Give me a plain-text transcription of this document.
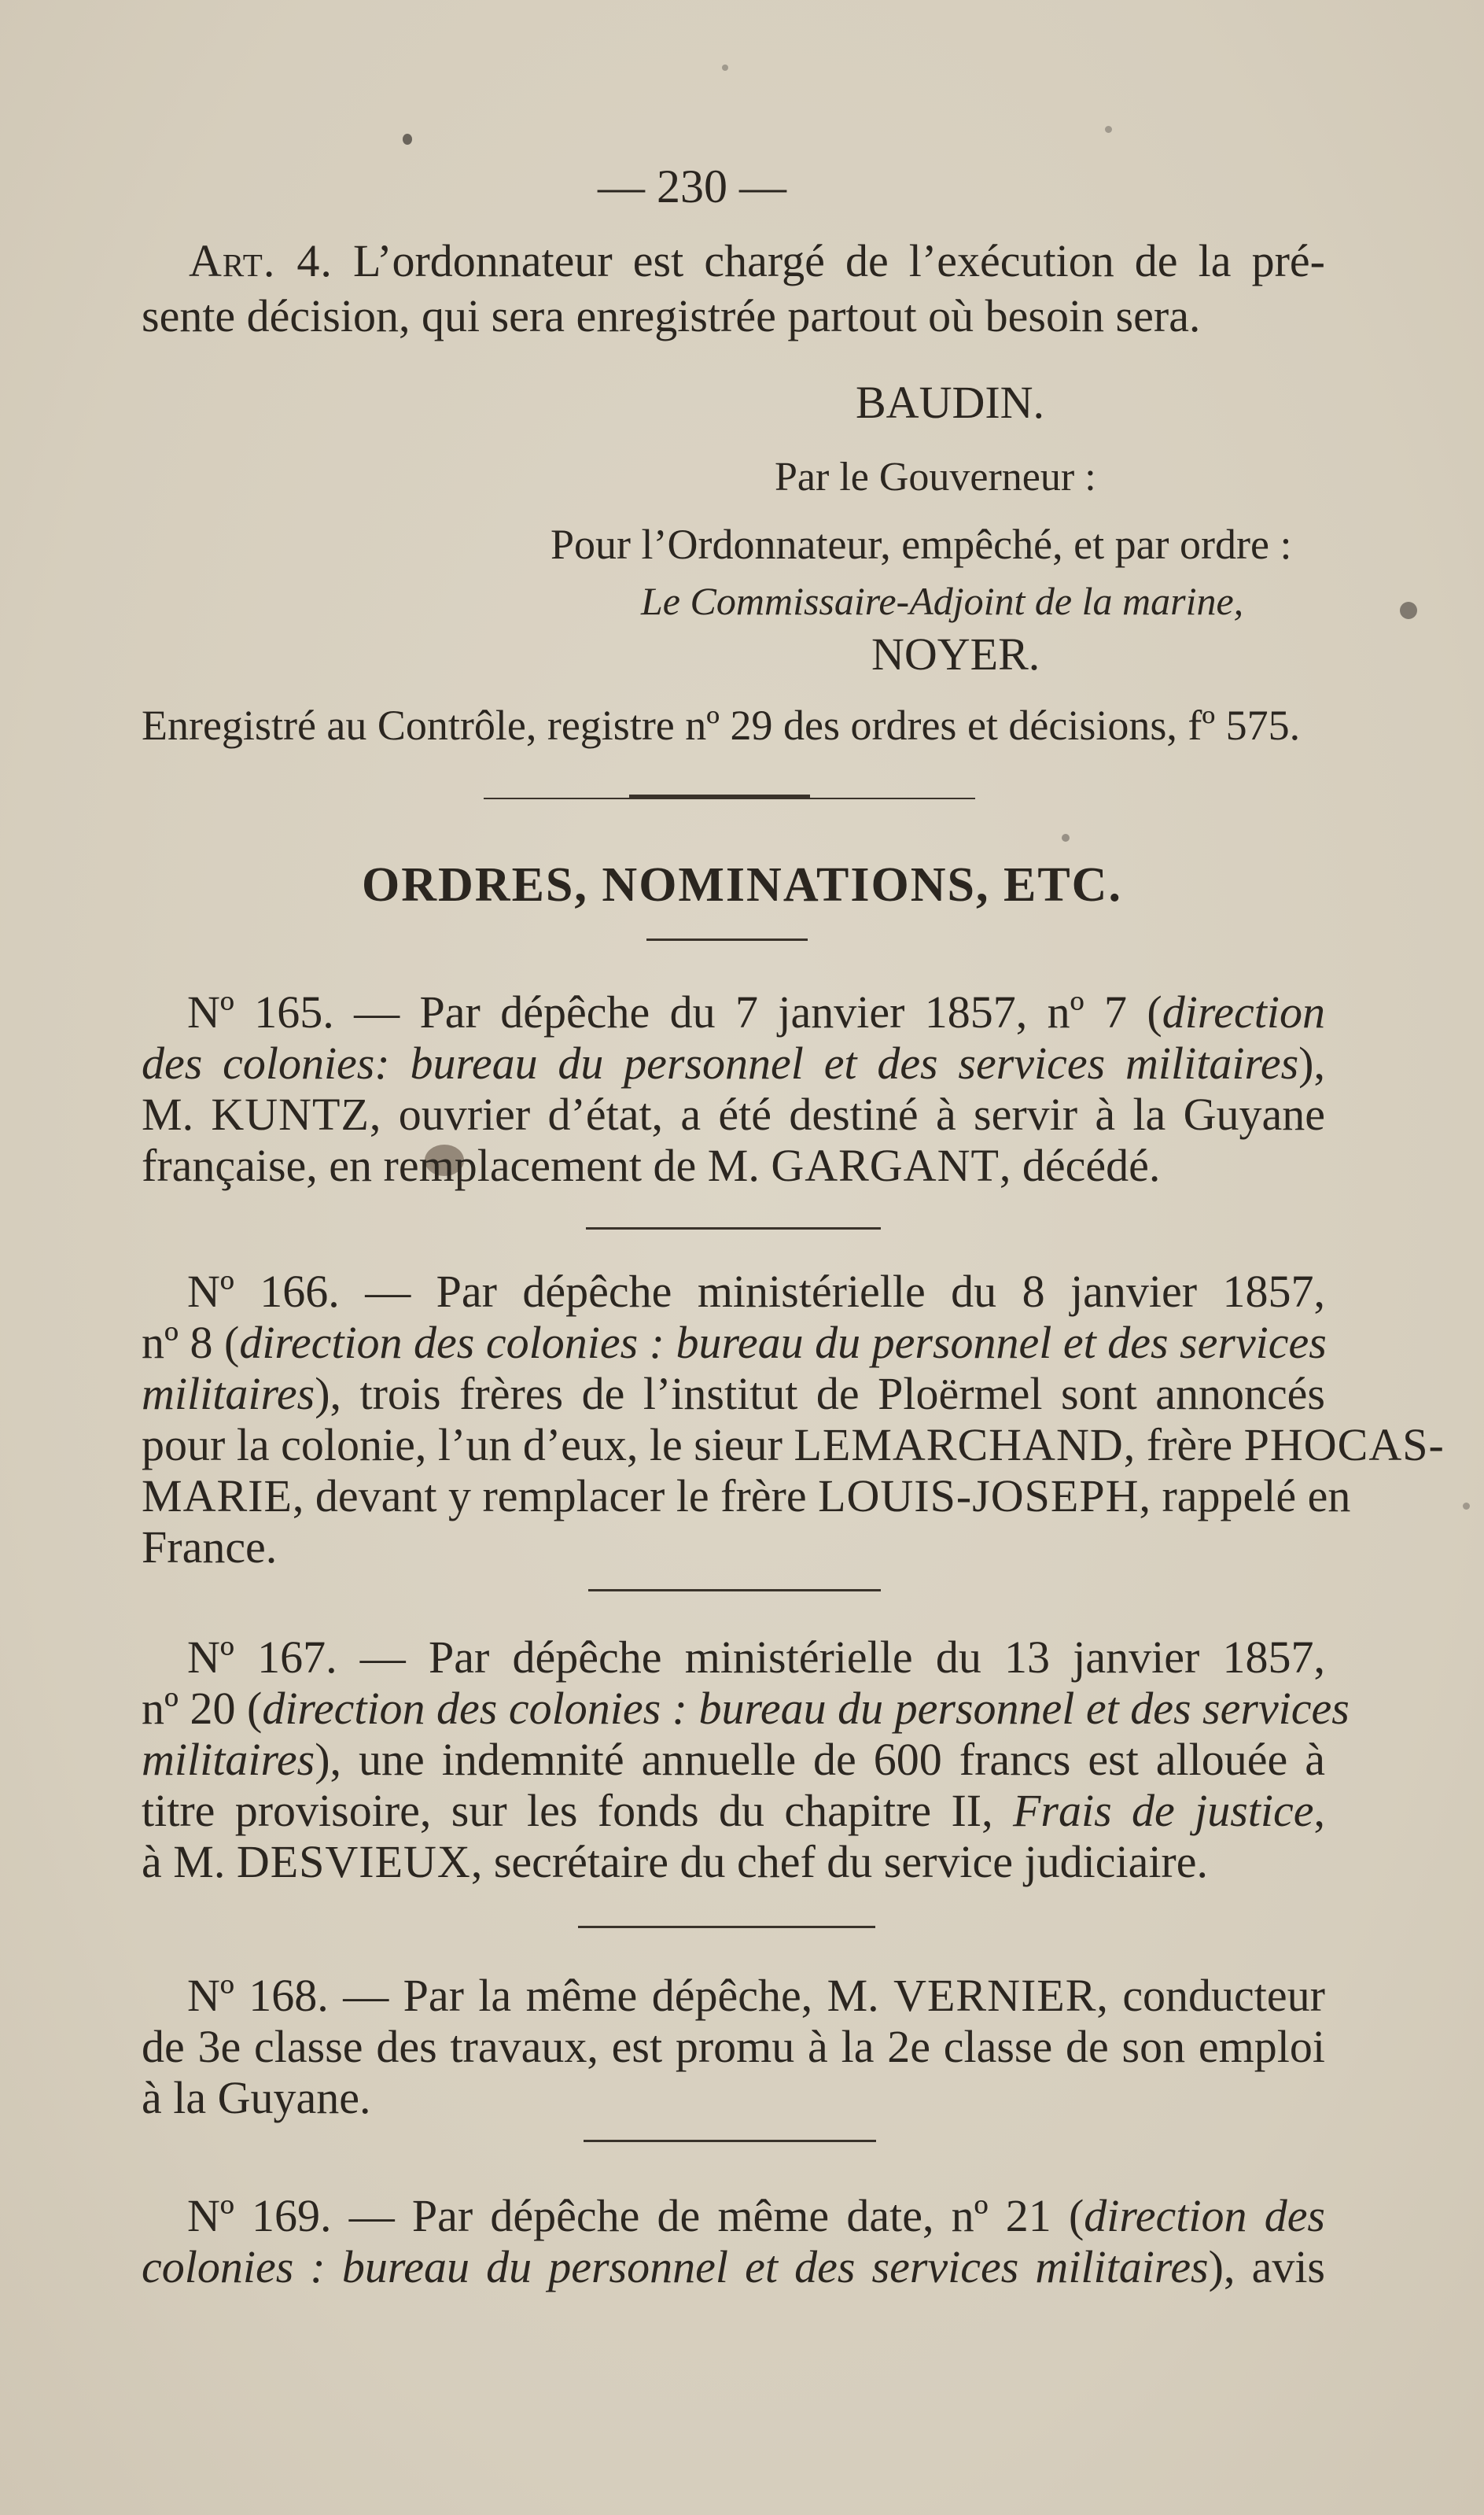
— 230 —
Art. 4. L’ordonnateur est chargé de l’exécution de la pré-
sente décision, qui sera enregistrée partout où besoin sera.
BAUDIN.
Par le Gouverneur :
Pour l’Ordonnateur, empêché, et par ordre :
Le Commissaire-Adjoint de la marine,
NOYER.
Enregistré au Contrôle, registre nº 29 des ordres et décisions, fº 575.
ORDRES, NOMINATIONS, ETC.
Nº 165. — Par dépêche du 7 janvier 1857, nº 7 (direction
des colonies: bureau du personnel et des services militaires),
M. KUNTZ, ouvrier d’état, a été destiné à servir à la Guyane
française, en remplacement de M. GARGANT, décédé.
Nº 166. — Par dépêche ministérielle du 8 janvier 1857,
nº 8 (direction des colonies : bureau du personnel et des services
militaires), trois frères de l’institut de Ploërmel sont annoncés
pour la colonie, l’un d’eux, le sieur LEMARCHAND, frère PHOCAS-
MARIE, devant y remplacer le frère LOUIS-JOSEPH, rappelé en
France.
Nº 167. — Par dépêche ministérielle du 13 janvier 1857,
nº 20 (direction des colonies : bureau du personnel et des services
militaires), une indemnité annuelle de 600 francs est allouée à
titre provisoire, sur les fonds du chapitre II, Frais de justice,
à M. DESVIEUX, secrétaire du chef du service judiciaire.
Nº 168. — Par la même dépêche, M. VERNIER, conducteur
de 3e classe des travaux, est promu à la 2e classe de son emploi
à la Guyane.
Nº 169. — Par dépêche de même date, nº 21 (direction des
colonies : bureau du personnel et des services militaires), avis
